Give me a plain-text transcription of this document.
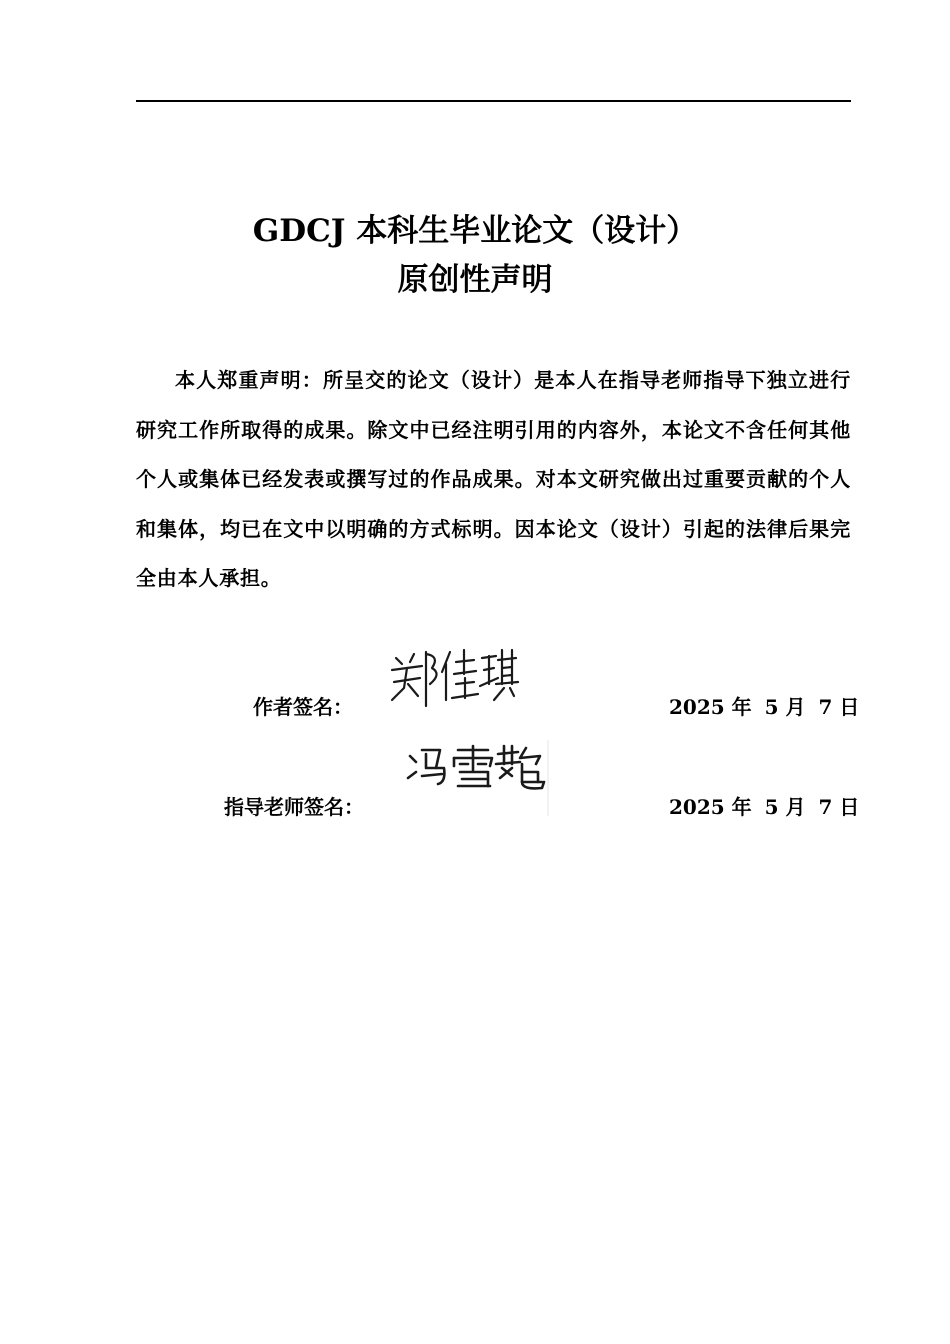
GDCJ 本科生毕业论文（设计）
原创性声明

本人郑重声明：所呈交的论文（设计）是本人在指导老师指导下独立进行研究工作所取得的成果。除文中已经注明引用的内容外，本论文不含任何其他个人或集体已经发表或撰写过的作品成果。对本文研究做出过重要贡献的个人和集体，均已在文中以明确的方式标明。因本论文（设计）引起的法律后果完全由本人承担。

作者签名：	2025 年 5 月 7 日
指导老师签名：	2025 年 5 月 7 日
